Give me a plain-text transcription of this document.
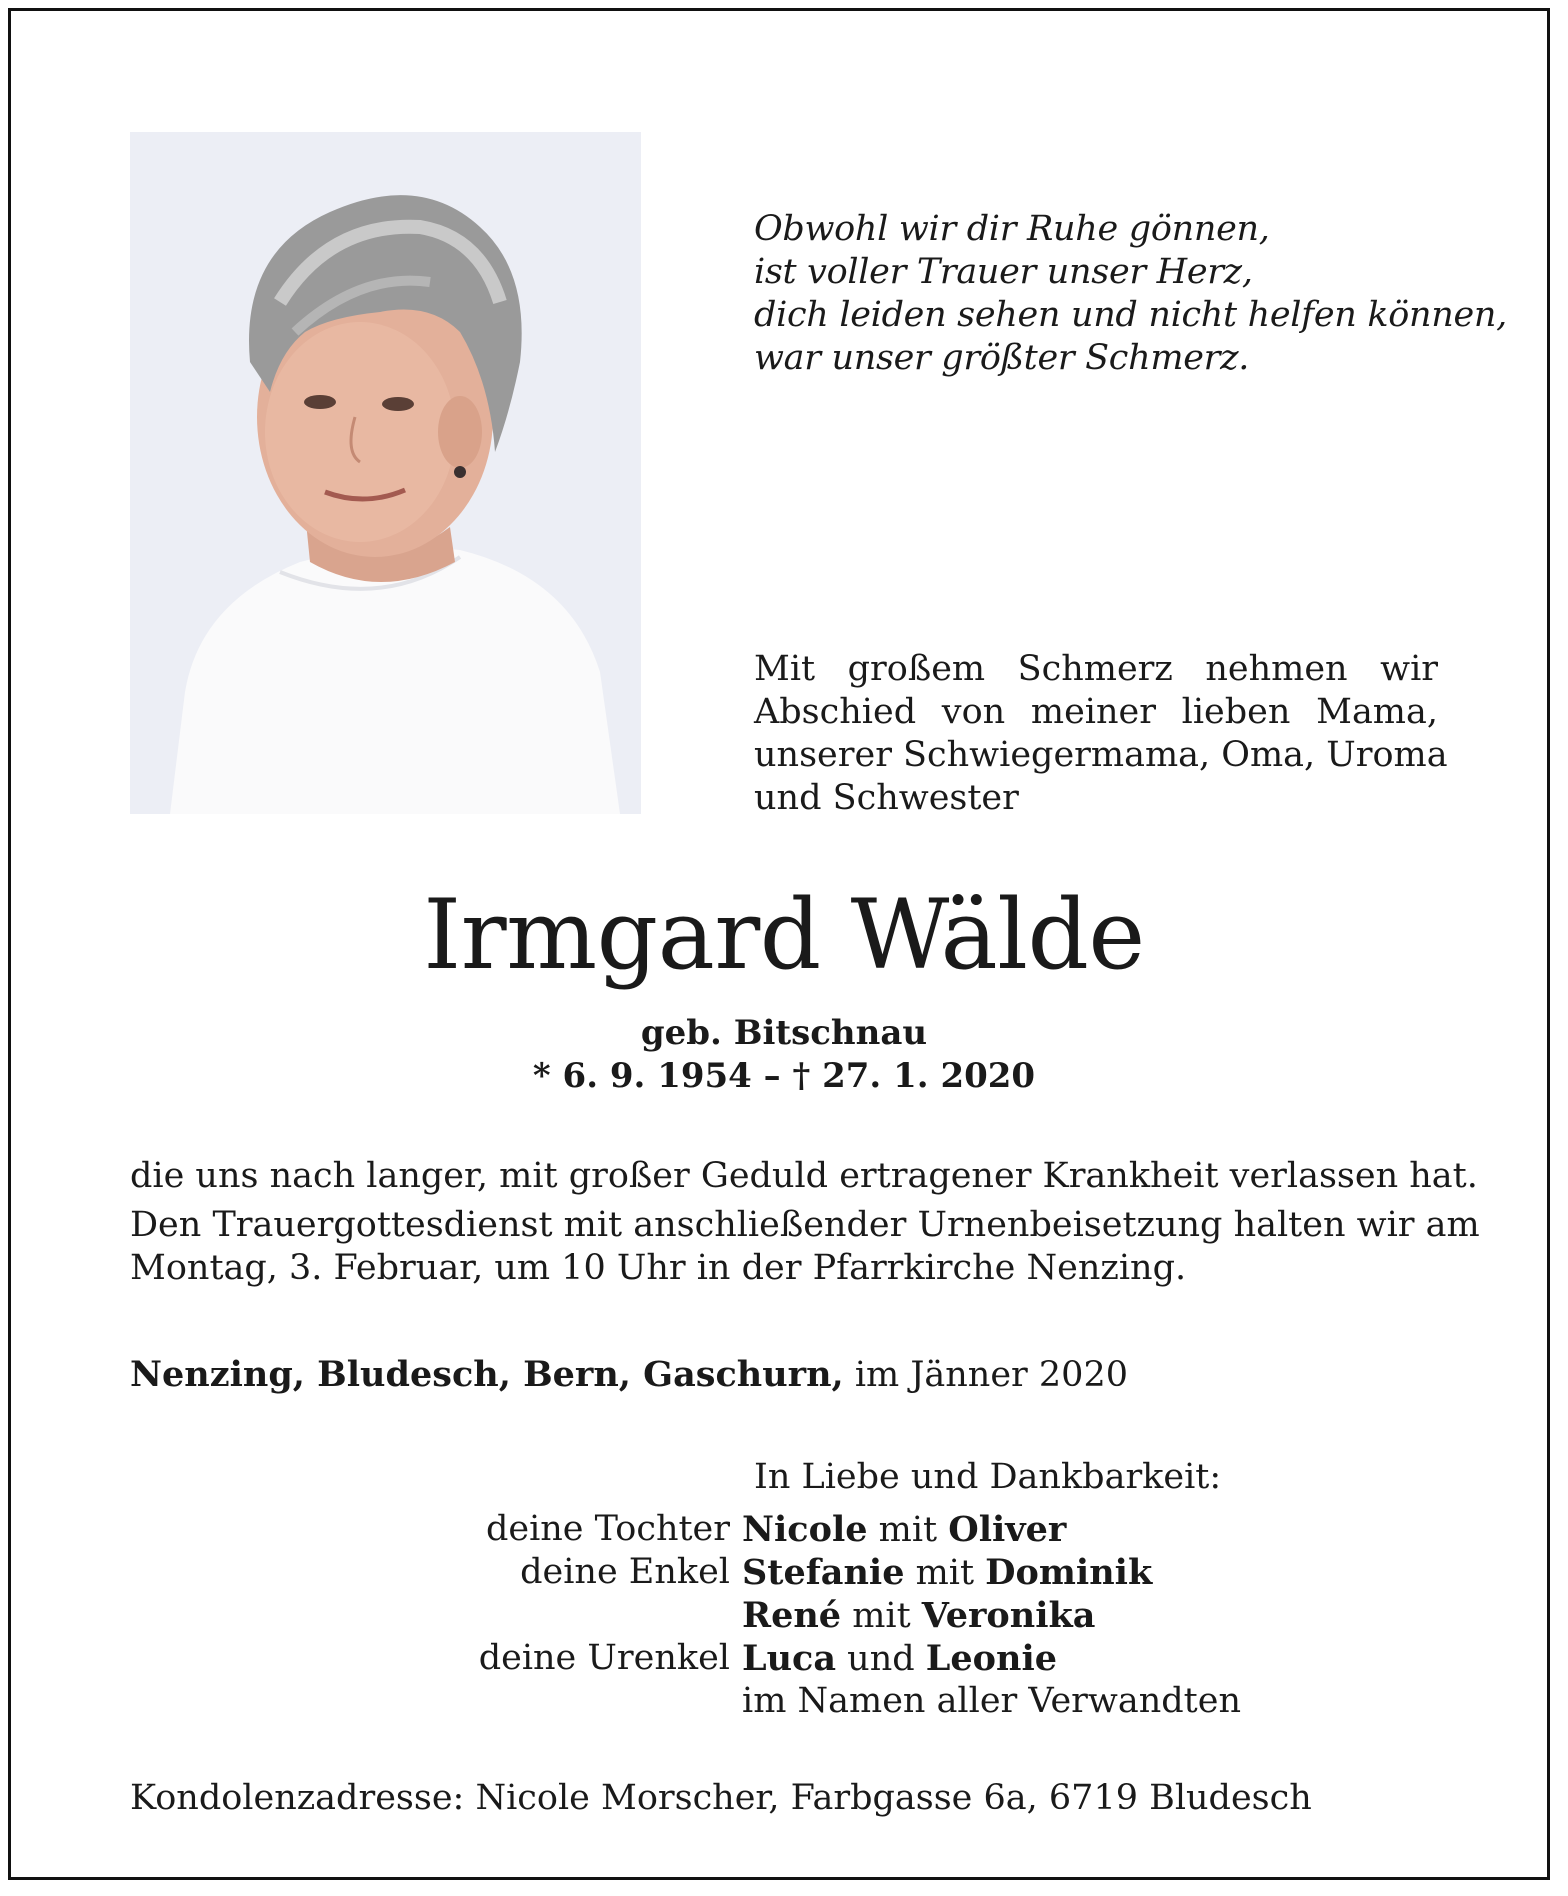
Obwohl wir dir Ruhe gönnen,
ist voller Trauer unser Herz,
dich leiden sehen und nicht helfen können,
war unser größter Schmerz.
Mit großem Schmerz nehmen wir
Abschied von meiner lieben Mama,
unserer Schwiegermama, Oma, Uroma
und Schwester
Irmgard Wälde
geb. Bitschnau
* 6. 9. 1954 – † 27. 1. 2020
die uns nach langer, mit großer Geduld ertragener Krankheit verlassen hat.
Den Trauergottesdienst mit anschließender Urnenbeisetzung halten wir am
Montag, 3. Februar, um 10 Uhr in der Pfarrkirche Nenzing.
Nenzing, Bludesch, Bern, Gaschurn, im Jänner 2020
In Liebe und Dankbarkeit:
deine Tochter Nicole mit Oliver
deine Enkel Stefanie mit Dominik
René mit Veronika
deine Urenkel Luca und Leonie
im Namen aller Verwandten
Kondolenzadresse: Nicole Morscher, Farbgasse 6a, 6719 Bludesch
